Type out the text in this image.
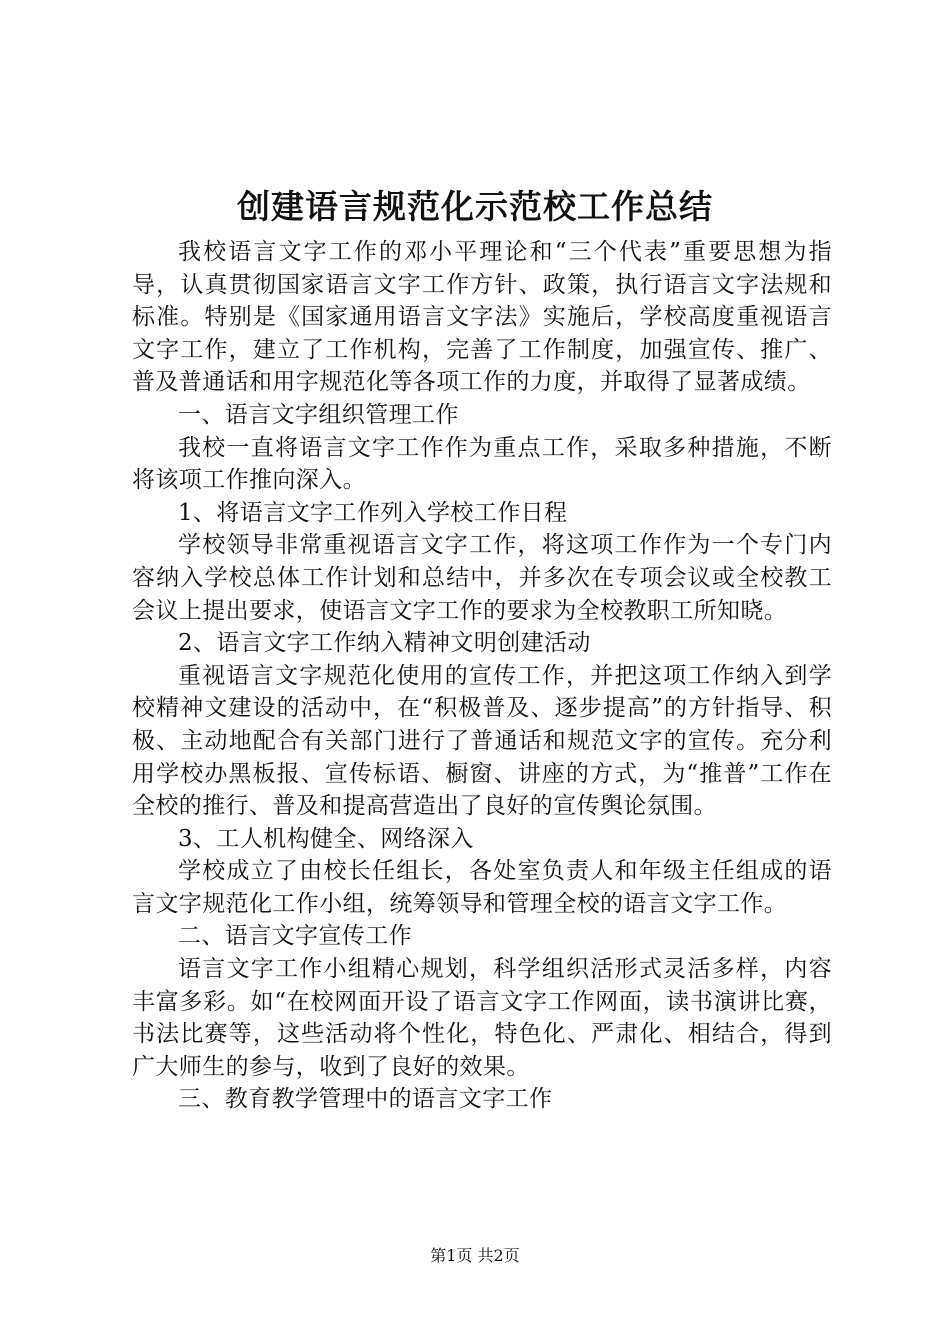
创建语言规范化示范校工作总结

我校语言文字工作的邓小平理论和“三个代表”重要思想为指导，认真贯彻国家语言文字工作方针、政策，执行语言文字法规和标准。特别是《国家通用语言文字法》实施后，学校高度重视语言文字工作，建立了工作机构，完善了工作制度，加强宣传、推广、普及普通话和用字规范化等各项工作的力度，并取得了显著成绩。

一、语言文字组织管理工作

我校一直将语言文字工作作为重点工作，采取多种措施，不断将该项工作推向深入。

1、将语言文字工作列入学校工作日程

学校领导非常重视语言文字工作，将这项工作作为一个专门内容纳入学校总体工作计划和总结中，并多次在专项会议或全校教工会议上提出要求，使语言文字工作的要求为全校教职工所知晓。

2、语言文字工作纳入精神文明创建活动

重视语言文字规范化使用的宣传工作，并把这项工作纳入到学校精神文建设的活动中，在“积极普及、逐步提高”的方针指导、积极、主动地配合有关部门进行了普通话和规范文字的宣传。充分利用学校办黑板报、宣传标语、橱窗、讲座的方式，为“推普”工作在全校的推行、普及和提高营造出了良好的宣传舆论氛围。

3、工人机构健全、网络深入

学校成立了由校长任组长，各处室负责人和年级主任组成的语言文字规范化工作小组，统筹领导和管理全校的语言文字工作。

二、语言文字宣传工作

语言文字工作小组精心规划，科学组织活形式灵活多样，内容丰富多彩。如“在校网面开设了语言文字工作网面，读书演讲比赛，书法比赛等，这些活动将个性化，特色化、严肃化、相结合，得到广大师生的参与，收到了良好的效果。

三、教育教学管理中的语言文字工作

第1页 共2页
